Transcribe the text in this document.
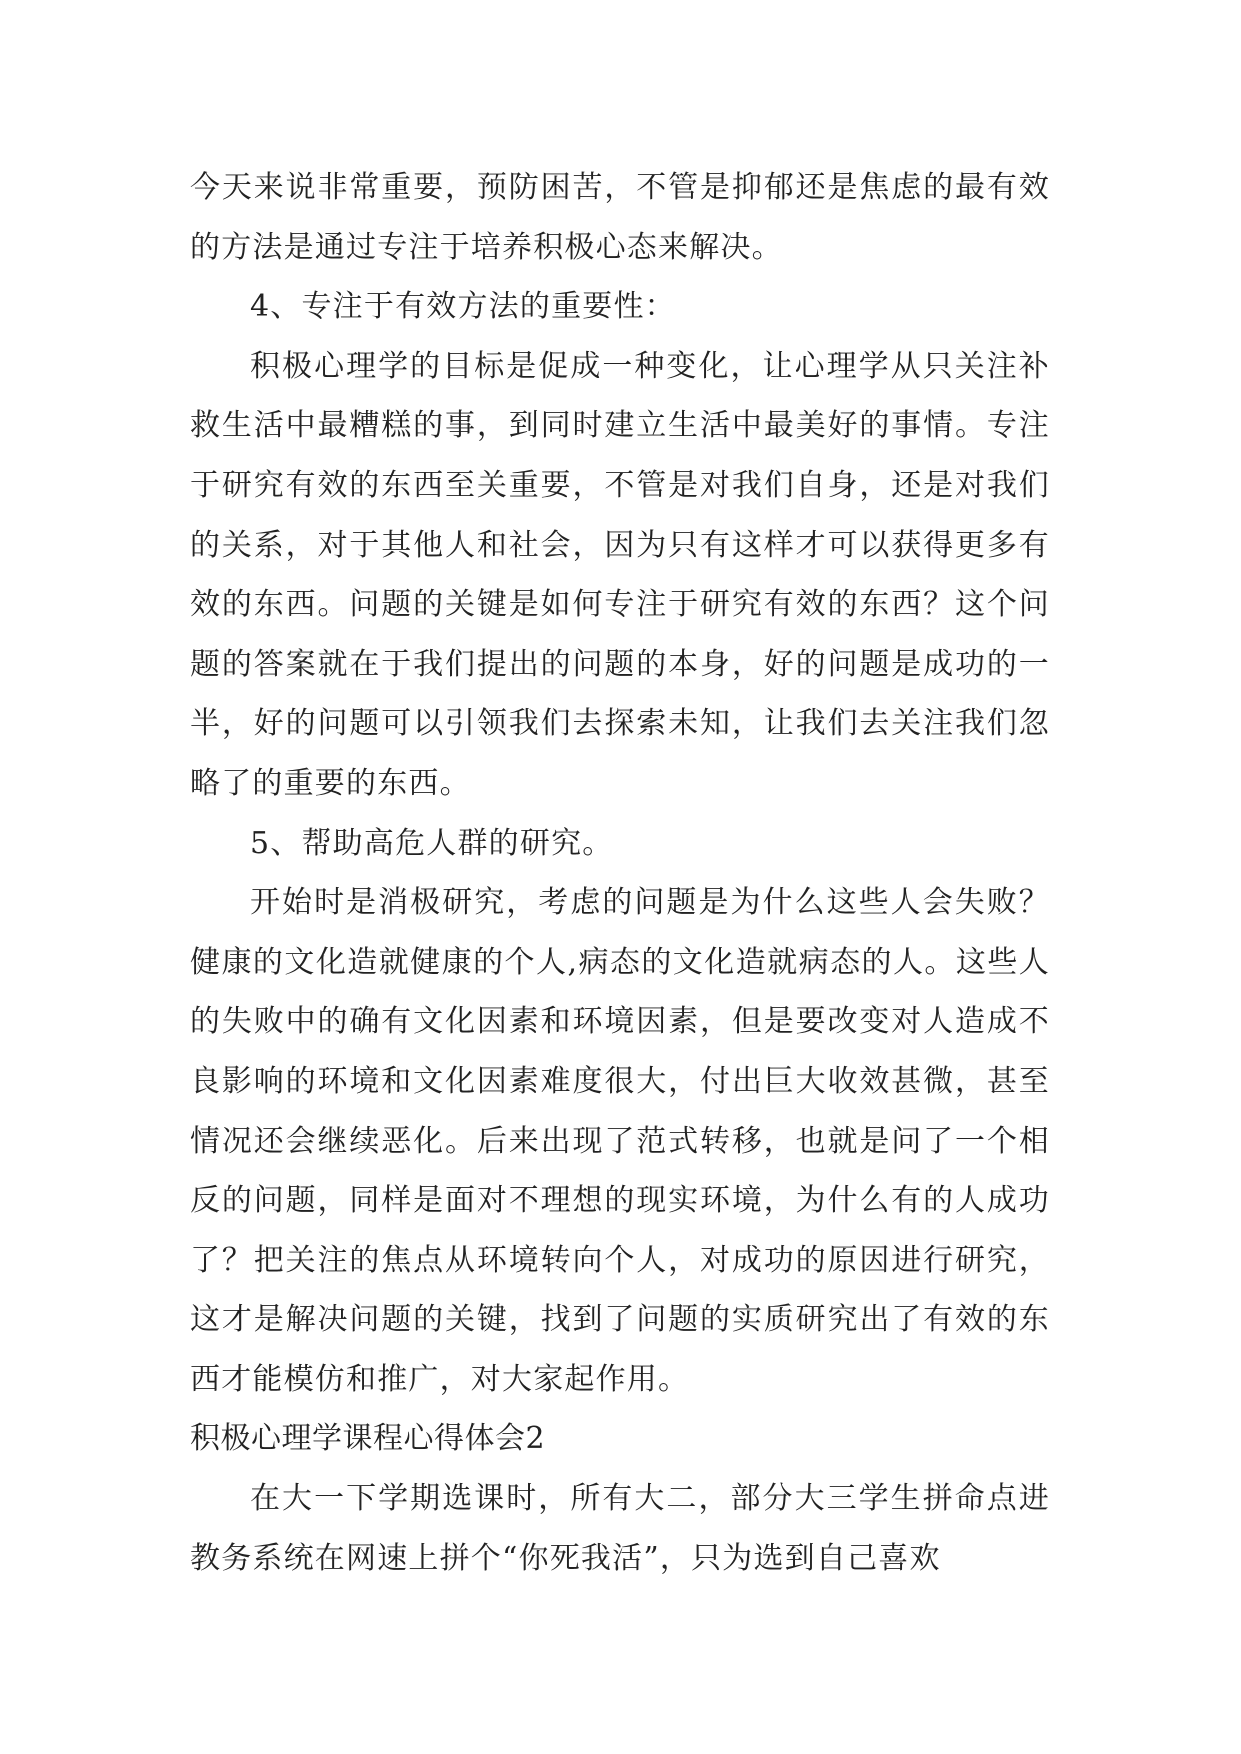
今天来说非常重要，预防困苦，不管是抑郁还是焦虑的最有效的方法是通过专注于培养积极心态来解决。

4、专注于有效方法的重要性：

积极心理学的目标是促成一种变化，让心理学从只关注补救生活中最糟糕的事，到同时建立生活中最美好的事情。专注于研究有效的东西至关重要，不管是对我们自身，还是对我们的关系，对于其他人和社会，因为只有这样才可以获得更多有效的东西。问题的关键是如何专注于研究有效的东西？这个问题的答案就在于我们提出的问题的本身，好的问题是成功的一半，好的问题可以引领我们去探索未知，让我们去关注我们忽略了的重要的东西。

5、帮助高危人群的研究。

开始时是消极研究，考虑的问题是为什么这些人会失败？健康的文化造就健康的个人,病态的文化造就病态的人。这些人的失败中的确有文化因素和环境因素，但是要改变对人造成不良影响的环境和文化因素难度很大，付出巨大收效甚微，甚至情况还会继续恶化。后来出现了范式转移，也就是问了一个相反的问题，同样是面对不理想的现实环境，为什么有的人成功了？把关注的焦点从环境转向个人，对成功的原因进行研究，这才是解决问题的关键，找到了问题的实质研究出了有效的东西才能模仿和推广，对大家起作用。

积极心理学课程心得体会2

在大一下学期选课时，所有大二，部分大三学生拼命点进教务系统在网速上拼个“你死我活”，只为选到自己喜欢
